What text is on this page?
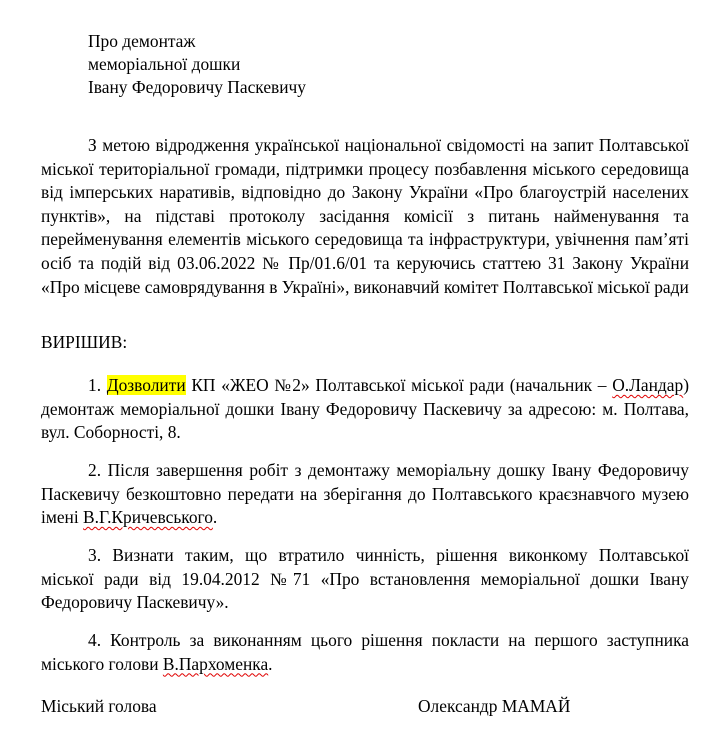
Про демонтаж
меморіальної дошки
Івану Федоровичу Паскевичу
З метою відродження української національної свідомості на запит Полтавської міської територіальної громади, підтримки процесу позбавлення міського середовища від імперських наративів, відповідно до Закону України «Про благоустрій населених пунктів», на підставі протоколу засідання комісії з питань найменування та перейменування елементів міського середовища та інфраструктури, увічнення пам’яті осіб та подій від 03.06.2022 № Пр/01.6/01 та керуючись статтею 31 Закону України «Про місцеве самоврядування в Україні», виконавчий комітет Полтавської міської ради
ВИРІШИВ:
1. Дозволити КП «ЖЕО №2» Полтавської міської ради (начальник – О.Ландар) демонтаж меморіальної дошки Івану Федоровичу Паскевичу за адресою: м. Полтава, вул. Соборності, 8.
2. Після завершення робіт з демонтажу меморіальну дошку Івану Федоровичу Паскевичу безкоштовно передати на зберігання до Полтавського краєзнавчого музею імені В.Г.Кричевського.
3. Визнати таким, що втратило чинність, рішення виконкому Полтавської міської ради від 19.04.2012 №71 «Про встановлення меморіальної дошки Івану Федоровичу Паскевичу».
4. Контроль за виконанням цього рішення покласти на першого заступника міського голови В.Пархоменка.
Міський голова	Олександр МАМАЙ
